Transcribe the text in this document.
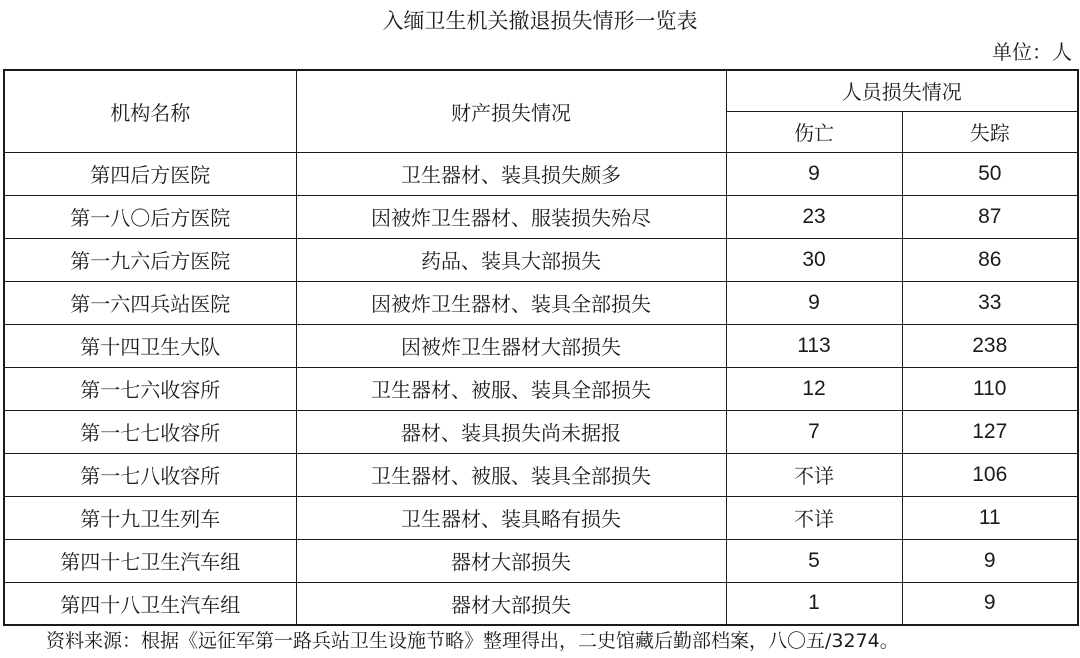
入缅卫生机关撤退损失情形一览表
单位：人
机构名称	财产损失情况	人员损失情况	
		伤亡	失踪
第四后方医院	卫生器材、装具损失颇多	9	50
第一八〇后方医院	因被炸卫生器材、服装损失殆尽	23	87
第一九六后方医院	药品、装具大部损失	30	86
第一六四兵站医院	因被炸卫生器材、装具全部损失	9	33
第十四卫生大队	因被炸卫生器材大部损失	113	238
第一七六收容所	卫生器材、被服、装具全部损失	12	110
第一七七收容所	器材、装具损失尚未据报	7	127
第一七八收容所	卫生器材、被服、装具全部损失	不详	106
第十九卫生列车	卫生器材、装具略有损失	不详	11
第四十七卫生汽车组	器材大部损失	5	9
第四十八卫生汽车组	器材大部损失	1	9
资料来源：根据《远征军第一路兵站卫生设施节略》整理得出，二史馆藏后勤部档案，八〇五/3274。
